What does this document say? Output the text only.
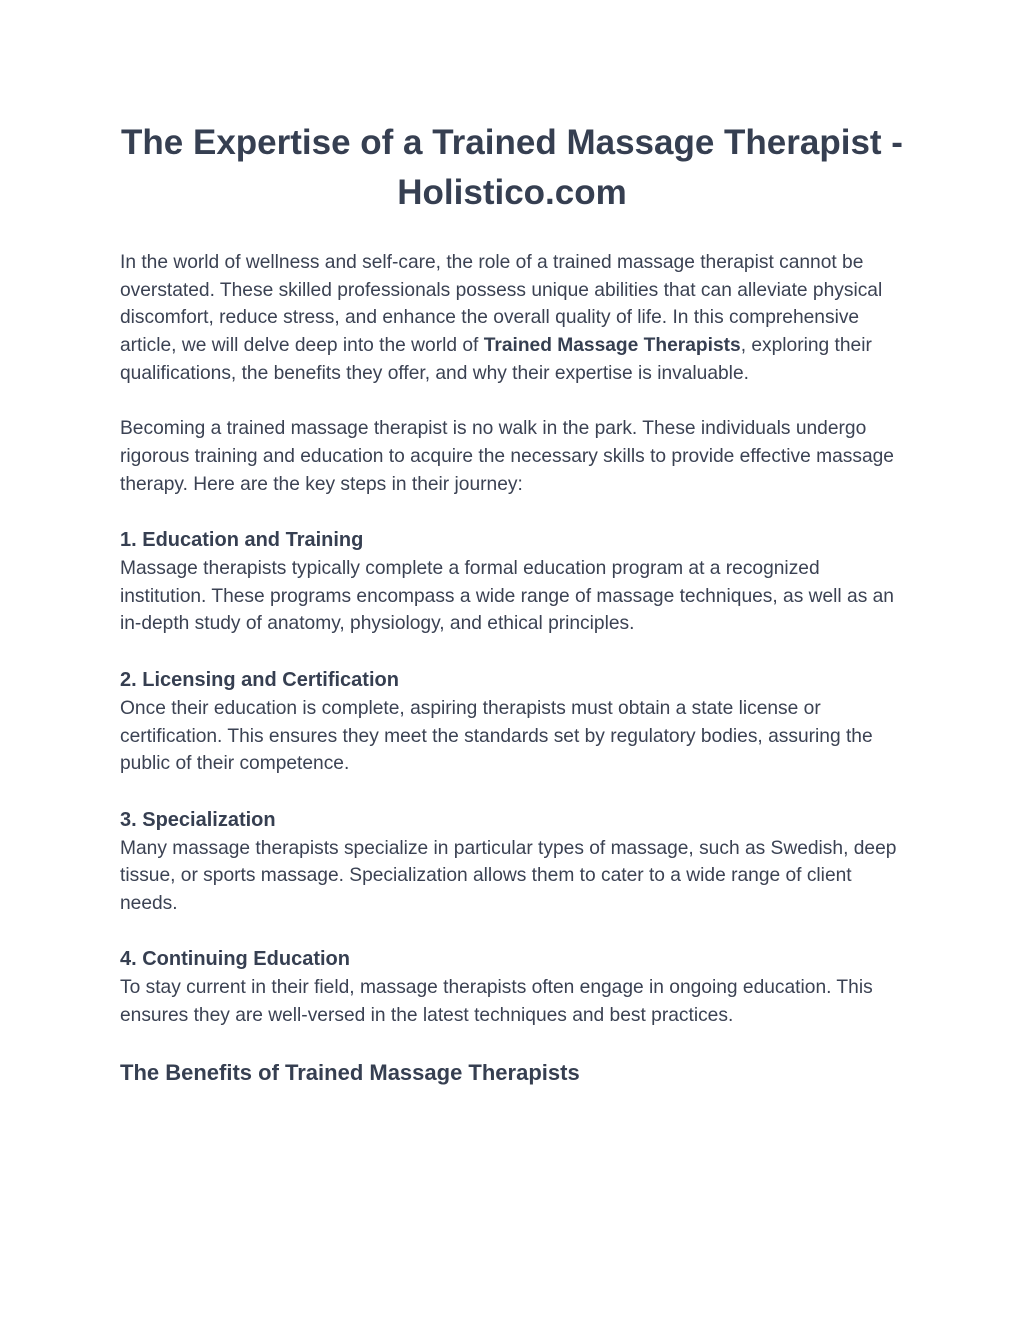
The Expertise of a Trained Massage Therapist - Holistico.com

In the world of wellness and self-care, the role of a trained massage therapist cannot be overstated. These skilled professionals possess unique abilities that can alleviate physical discomfort, reduce stress, and enhance the overall quality of life. In this comprehensive article, we will delve deep into the world of Trained Massage Therapists, exploring their qualifications, the benefits they offer, and why their expertise is invaluable.

Becoming a trained massage therapist is no walk in the park. These individuals undergo rigorous training and education to acquire the necessary skills to provide effective massage therapy. Here are the key steps in their journey:

1. Education and Training

Massage therapists typically complete a formal education program at a recognized institution. These programs encompass a wide range of massage techniques, as well as an in-depth study of anatomy, physiology, and ethical principles.

2. Licensing and Certification

Once their education is complete, aspiring therapists must obtain a state license or certification. This ensures they meet the standards set by regulatory bodies, assuring the public of their competence.

3. Specialization

Many massage therapists specialize in particular types of massage, such as Swedish, deep tissue, or sports massage. Specialization allows them to cater to a wide range of client needs.

4. Continuing Education

To stay current in their field, massage therapists often engage in ongoing education. This ensures they are well-versed in the latest techniques and best practices.

The Benefits of Trained Massage Therapists
